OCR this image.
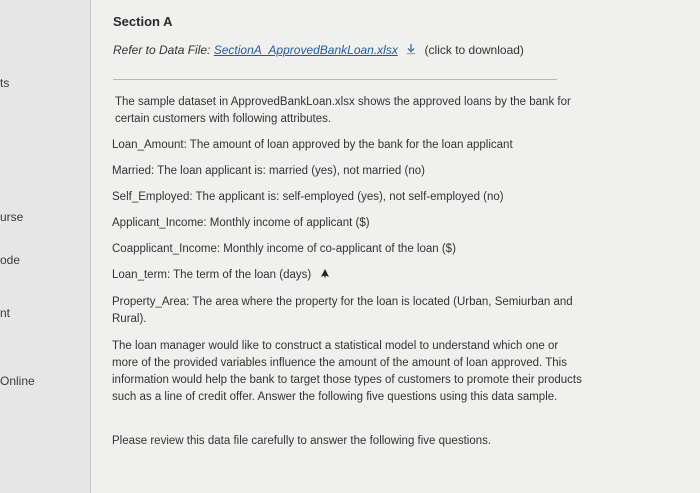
ts
urse
ode
nt
Online
Section A
Refer to Data File: SectionA_ApprovedBankLoan.xlsx (click to download)
The sample dataset in ApprovedBankLoan.xlsx shows the approved loans by the bank for certain customers with following attributes.
Loan_Amount: The amount of loan approved by the bank for the loan applicant
Married: The loan applicant is: married (yes), not married (no)
Self_Employed: The applicant is: self-employed (yes), not self-employed (no)
Applicant_Income: Monthly income of applicant ($)
Coapplicant_Income: Monthly income of co-applicant of the loan ($)
Loan_term: The term of the loan (days)
Property_Area: The area where the property for the loan is located (Urban, Semiurban and Rural).
The loan manager would like to construct a statistical model to understand which one or more of the provided variables influence the amount of the amount of loan approved. This information would help the bank to target those types of customers to promote their products such as a line of credit offer. Answer the following five questions using this data sample.
Please review this data file carefully to answer the following five questions.
